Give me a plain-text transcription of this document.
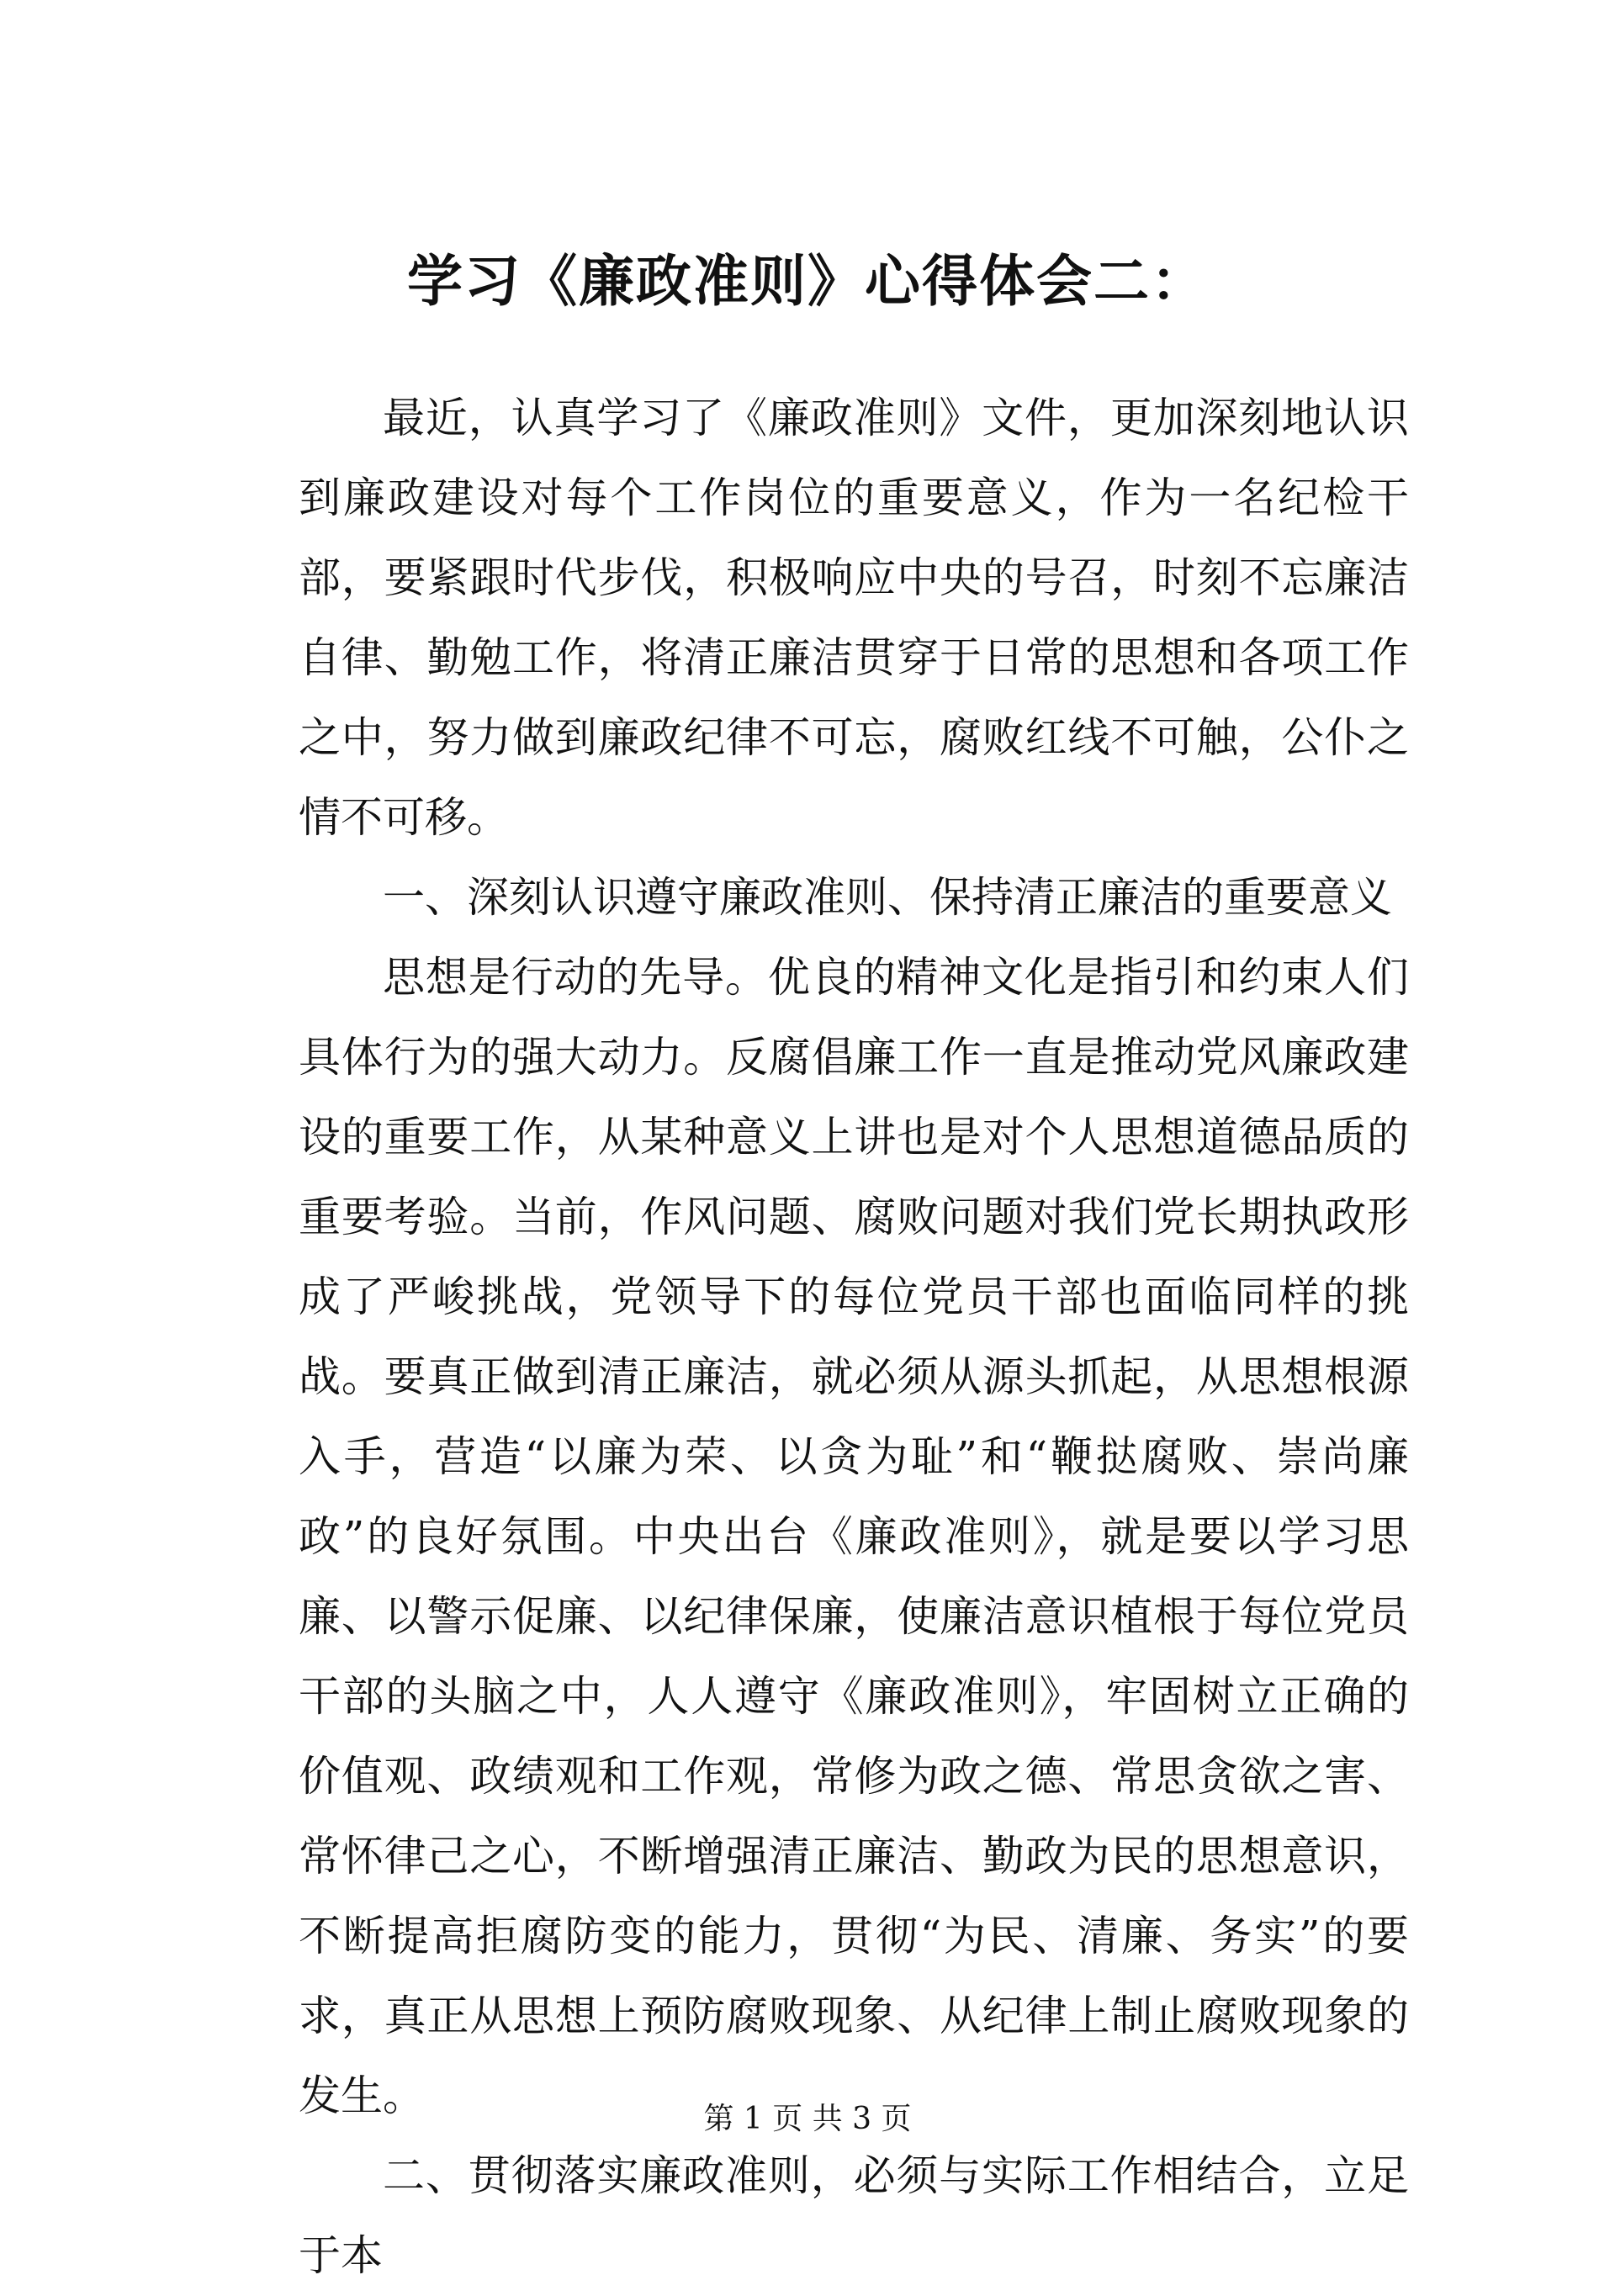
学习《廉政准则》心得体会二：

最近，认真学习了《廉政准则》文件，更加深刻地认识到廉政建设对每个工作岗位的重要意义，作为一名纪检干部，要紧跟时代步伐，积极响应中央的号召，时刻不忘廉洁自律、勤勉工作，将清正廉洁贯穿于日常的思想和各项工作之中，努力做到廉政纪律不可忘，腐败红线不可触，公仆之情不可移。

一、深刻认识遵守廉政准则、保持清正廉洁的重要意义

思想是行动的先导。优良的精神文化是指引和约束人们具体行为的强大动力。反腐倡廉工作一直是推动党风廉政建设的重要工作，从某种意义上讲也是对个人思想道德品质的重要考验。当前，作风问题、腐败问题对我们党长期执政形成了严峻挑战，党领导下的每位党员干部也面临同样的挑战。要真正做到清正廉洁，就必须从源头抓起，从思想根源入手，营造“以廉为荣、以贪为耻”和“鞭挞腐败、崇尚廉政”的良好氛围。中央出台《廉政准则》，就是要以学习思廉、以警示促廉、以纪律保廉，使廉洁意识植根于每位党员干部的头脑之中，人人遵守《廉政准则》，牢固树立正确的价值观、政绩观和工作观，常修为政之德、常思贪欲之害、常怀律己之心，不断增强清正廉洁、勤政为民的思想意识，不断提高拒腐防变的能力，贯彻“为民、清廉、务实”的要求，真正从思想上预防腐败现象、从纪律上制止腐败现象的发生。

二、贯彻落实廉政准则，必须与实际工作相结合，立足于本

第 1 页 共 3 页
